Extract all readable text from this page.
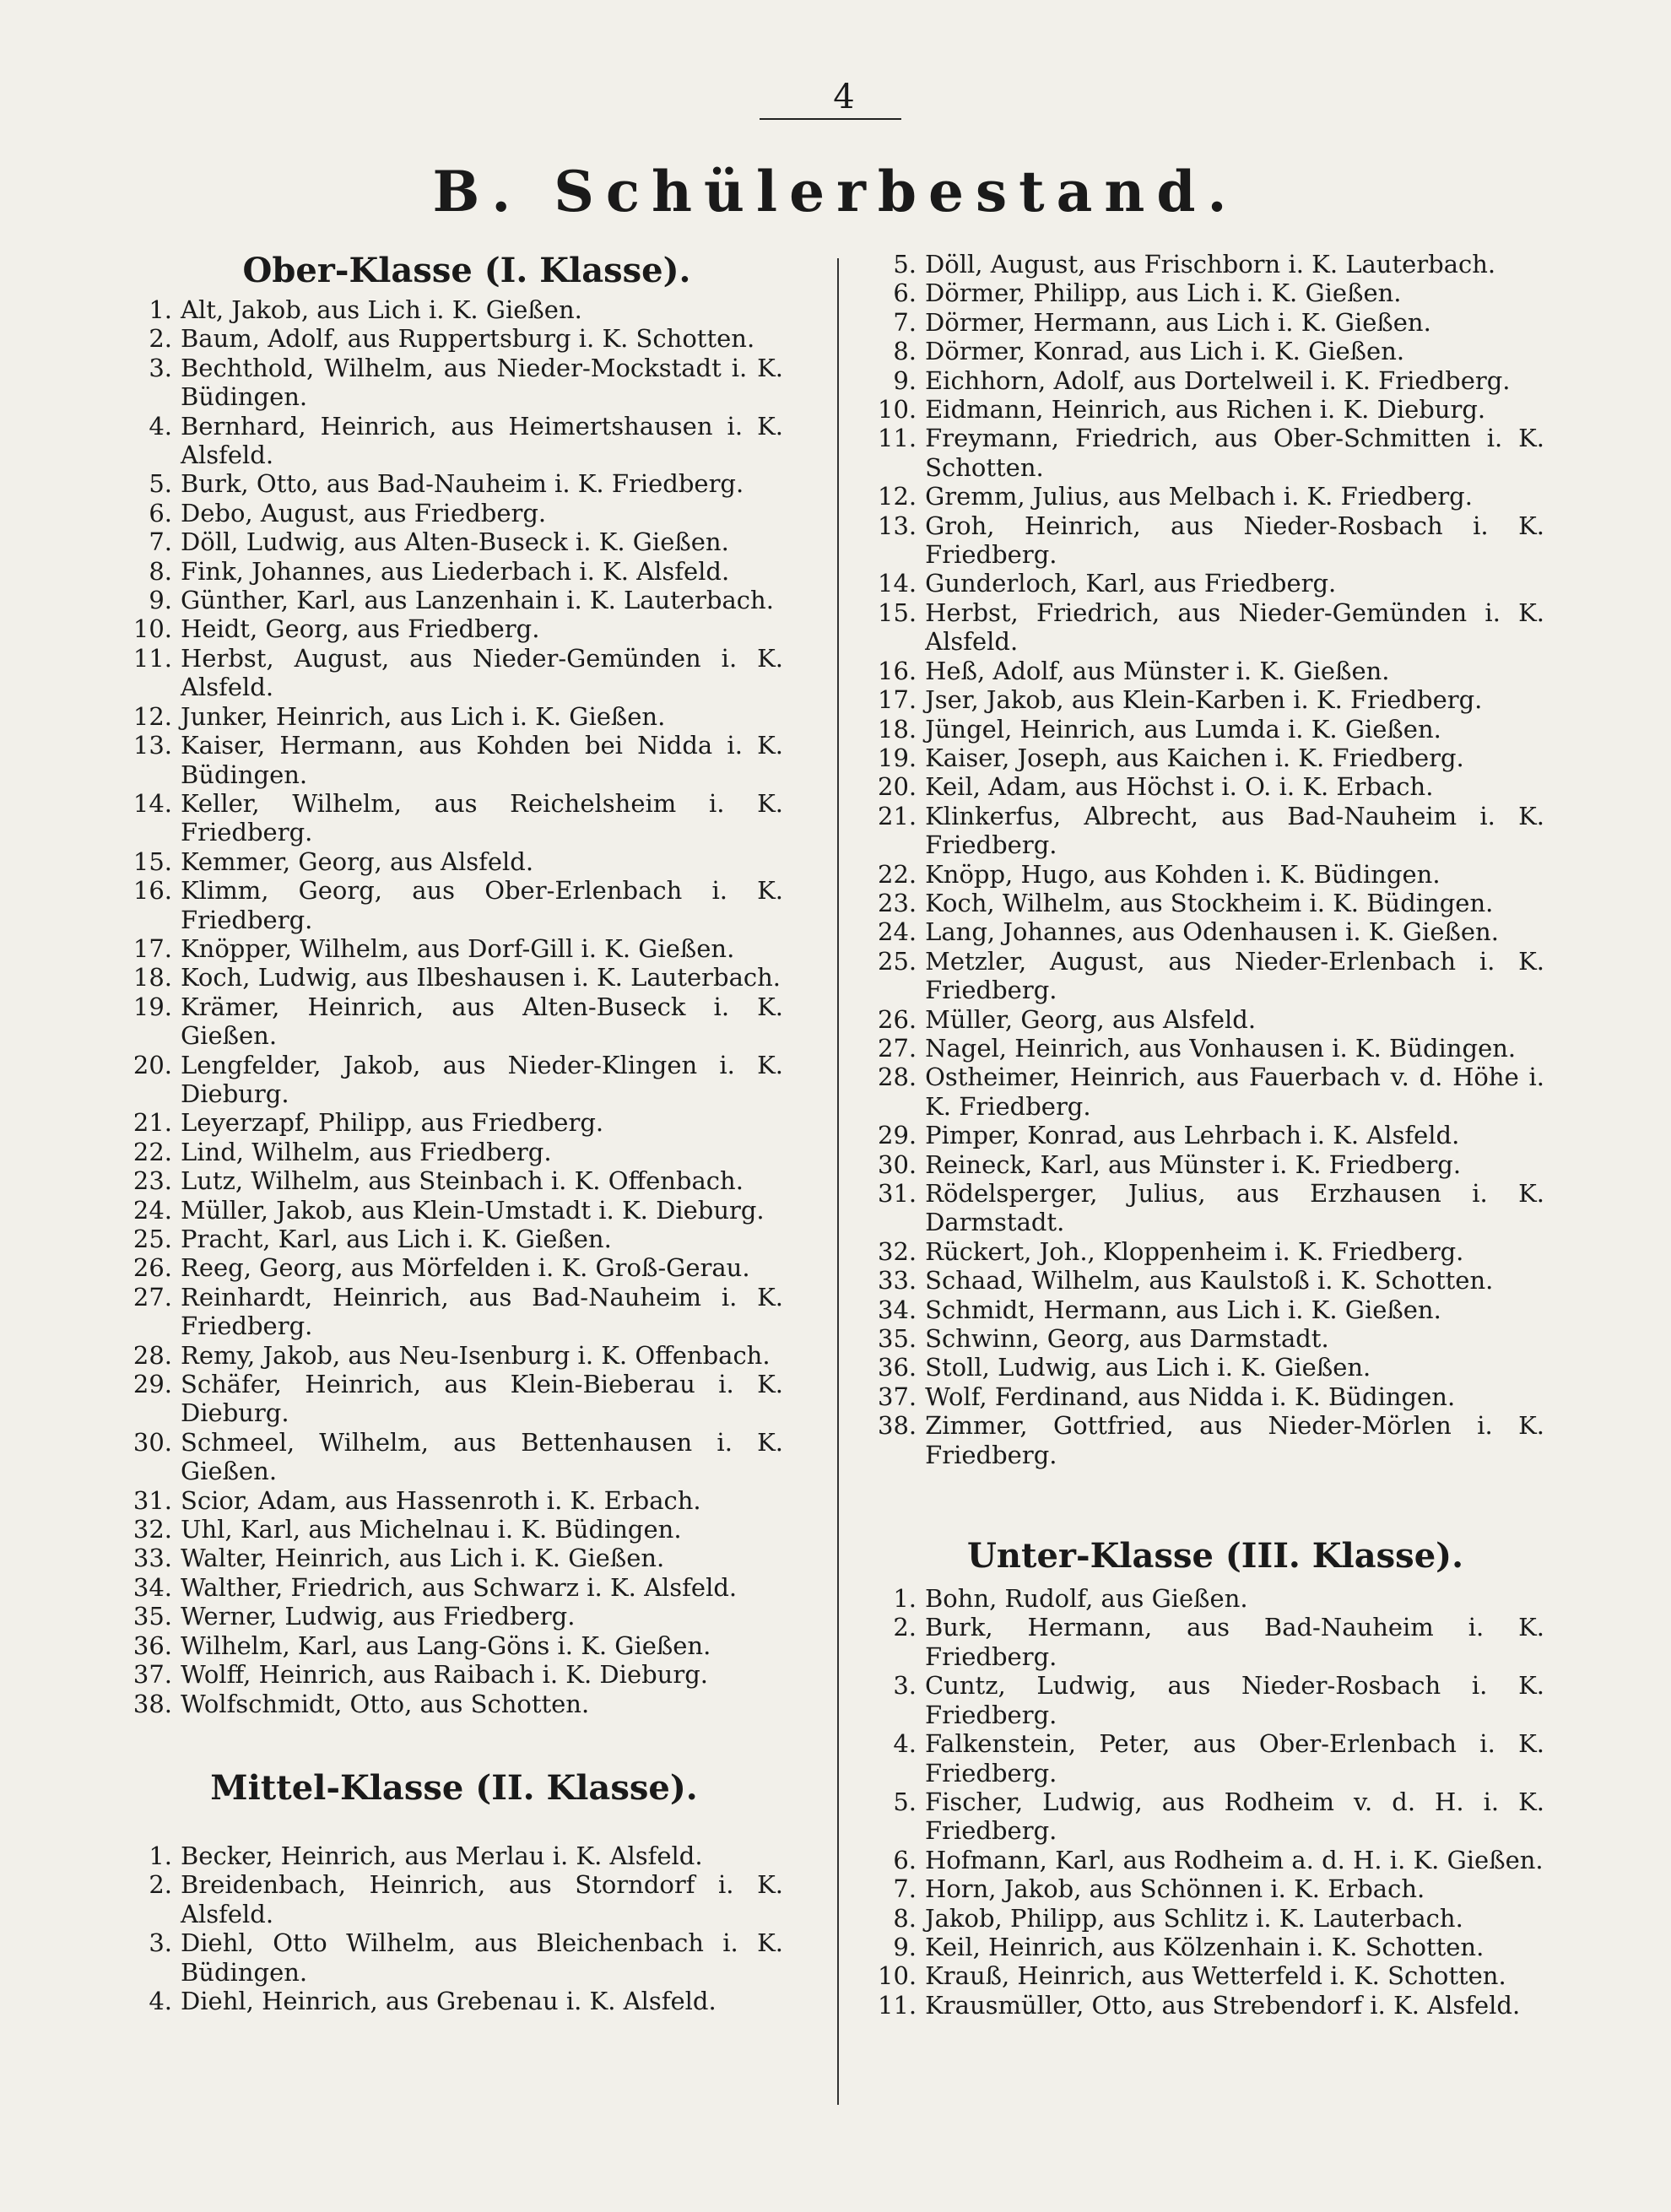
4
B. Schülerbestand.
Ober-Klasse (I. Klasse).
1. Alt, Jakob, aus Lich i. K. Gießen.
2. Baum, Adolf, aus Ruppertsburg i. K. Schotten.
3. Bechthold, Wilhelm, aus Nieder-Mockstadt i. K. Büdingen.
4. Bernhard, Heinrich, aus Heimertshausen i. K. Alsfeld.
5. Burk, Otto, aus Bad-Nauheim i. K. Friedberg.
6. Debo, August, aus Friedberg.
7. Döll, Ludwig, aus Alten-Buseck i. K. Gießen.
8. Fink, Johannes, aus Liederbach i. K. Alsfeld.
9. Günther, Karl, aus Lanzenhain i. K. Lauterbach.
10. Heidt, Georg, aus Friedberg.
11. Herbst, August, aus Nieder-Gemünden i. K. Alsfeld.
12. Junker, Heinrich, aus Lich i. K. Gießen.
13. Kaiser, Hermann, aus Kohden bei Nidda i. K. Büdingen.
14. Keller, Wilhelm, aus Reichelsheim i. K. Friedberg.
15. Kemmer, Georg, aus Alsfeld.
16. Klimm, Georg, aus Ober-Erlenbach i. K. Friedberg.
17. Knöpper, Wilhelm, aus Dorf-Gill i. K. Gießen.
18. Koch, Ludwig, aus Ilbeshausen i. K. Lauterbach.
19. Krämer, Heinrich, aus Alten-Buseck i. K. Gießen.
20. Lengfelder, Jakob, aus Nieder-Klingen i. K. Dieburg.
21. Leyerzapf, Philipp, aus Friedberg.
22. Lind, Wilhelm, aus Friedberg.
23. Lutz, Wilhelm, aus Steinbach i. K. Offenbach.
24. Müller, Jakob, aus Klein-Umstadt i. K. Dieburg.
25. Pracht, Karl, aus Lich i. K. Gießen.
26. Reeg, Georg, aus Mörfelden i. K. Groß-Gerau.
27. Reinhardt, Heinrich, aus Bad-Nauheim i. K. Friedberg.
28. Remy, Jakob, aus Neu-Isenburg i. K. Offenbach.
29. Schäfer, Heinrich, aus Klein-Bieberau i. K. Dieburg.
30. Schmeel, Wilhelm, aus Bettenhausen i. K. Gießen.
31. Scior, Adam, aus Hassenroth i. K. Erbach.
32. Uhl, Karl, aus Michelnau i. K. Büdingen.
33. Walter, Heinrich, aus Lich i. K. Gießen.
34. Walther, Friedrich, aus Schwarz i. K. Alsfeld.
35. Werner, Ludwig, aus Friedberg.
36. Wilhelm, Karl, aus Lang-Göns i. K. Gießen.
37. Wolff, Heinrich, aus Raibach i. K. Dieburg.
38. Wolfschmidt, Otto, aus Schotten.
Mittel-Klasse (II. Klasse).
1. Becker, Heinrich, aus Merlau i. K. Alsfeld.
2. Breidenbach, Heinrich, aus Storndorf i. K. Alsfeld.
3. Diehl, Otto Wilhelm, aus Bleichenbach i. K. Büdingen.
4. Diehl, Heinrich, aus Grebenau i. K. Alsfeld.
5. Döll, August, aus Frischborn i. K. Lauterbach.
6. Dörmer, Philipp, aus Lich i. K. Gießen.
7. Dörmer, Hermann, aus Lich i. K. Gießen.
8. Dörmer, Konrad, aus Lich i. K. Gießen.
9. Eichhorn, Adolf, aus Dortelweil i. K. Friedberg.
10. Eidmann, Heinrich, aus Richen i. K. Dieburg.
11. Freymann, Friedrich, aus Ober-Schmitten i. K. Schotten.
12. Gremm, Julius, aus Melbach i. K. Friedberg.
13. Groh, Heinrich, aus Nieder-Rosbach i. K. Friedberg.
14. Gunderloch, Karl, aus Friedberg.
15. Herbst, Friedrich, aus Nieder-Gemünden i. K. Alsfeld.
16. Heß, Adolf, aus Münster i. K. Gießen.
17. Jser, Jakob, aus Klein-Karben i. K. Friedberg.
18. Jüngel, Heinrich, aus Lumda i. K. Gießen.
19. Kaiser, Joseph, aus Kaichen i. K. Friedberg.
20. Keil, Adam, aus Höchst i. O. i. K. Erbach.
21. Klinkerfus, Albrecht, aus Bad-Nauheim i. K. Friedberg.
22. Knöpp, Hugo, aus Kohden i. K. Büdingen.
23. Koch, Wilhelm, aus Stockheim i. K. Büdingen.
24. Lang, Johannes, aus Odenhausen i. K. Gießen.
25. Metzler, August, aus Nieder-Erlenbach i. K. Friedberg.
26. Müller, Georg, aus Alsfeld.
27. Nagel, Heinrich, aus Vonhausen i. K. Büdingen.
28. Ostheimer, Heinrich, aus Fauerbach v. d. Höhe i. K. Friedberg.
29. Pimper, Konrad, aus Lehrbach i. K. Alsfeld.
30. Reineck, Karl, aus Münster i. K. Friedberg.
31. Rödelsperger, Julius, aus Erzhausen i. K. Darmstadt.
32. Rückert, Joh., Kloppenheim i. K. Friedberg.
33. Schaad, Wilhelm, aus Kaulstoß i. K. Schotten.
34. Schmidt, Hermann, aus Lich i. K. Gießen.
35. Schwinn, Georg, aus Darmstadt.
36. Stoll, Ludwig, aus Lich i. K. Gießen.
37. Wolf, Ferdinand, aus Nidda i. K. Büdingen.
38. Zimmer, Gottfried, aus Nieder-Mörlen i. K. Friedberg.
Unter-Klasse (III. Klasse).
1. Bohn, Rudolf, aus Gießen.
2. Burk, Hermann, aus Bad-Nauheim i. K. Friedberg.
3. Cuntz, Ludwig, aus Nieder-Rosbach i. K. Friedberg.
4. Falkenstein, Peter, aus Ober-Erlenbach i. K. Friedberg.
5. Fischer, Ludwig, aus Rodheim v. d. H. i. K. Friedberg.
6. Hofmann, Karl, aus Rodheim a. d. H. i. K. Gießen.
7. Horn, Jakob, aus Schönnen i. K. Erbach.
8. Jakob, Philipp, aus Schlitz i. K. Lauterbach.
9. Keil, Heinrich, aus Kölzenhain i. K. Schotten.
10. Krauß, Heinrich, aus Wetterfeld i. K. Schotten.
11. Krausmüller, Otto, aus Strebendorf i. K. Alsfeld.
